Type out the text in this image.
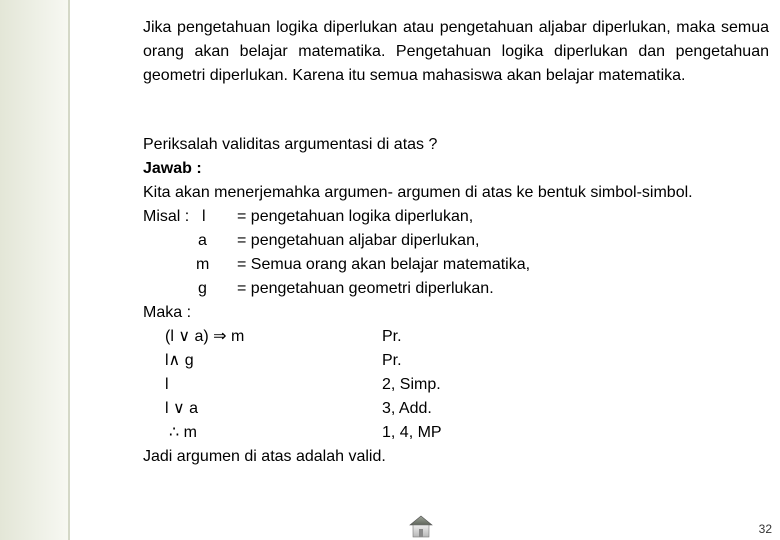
Jika pengetahuan logika diperlukan atau pengetahuan aljabar diperlukan, maka semua orang akan belajar matematika. Pengetahuan logika diperlukan dan pengetahuan geometri diperlukan. Karena itu semua mahasiswa akan belajar matematika.
Periksalah validitas argumentasi di atas ?
Jawab :
Kita akan menerjemahka argumen- argumen di atas ke bentuk simbol-simbol.
Misal : l = pengetahuan logika diperlukan,
a = pengetahuan aljabar diperlukan,
m = Semua orang akan belajar matematika,
g = pengetahuan geometri diperlukan.
Maka :
(l ∨ a) ⇒ m	Pr.
l∧ g	Pr.
l	2, Simp.
l ∨ a	3, Add.
∴ m	1, 4, MP
Jadi argumen di atas adalah valid.
32
